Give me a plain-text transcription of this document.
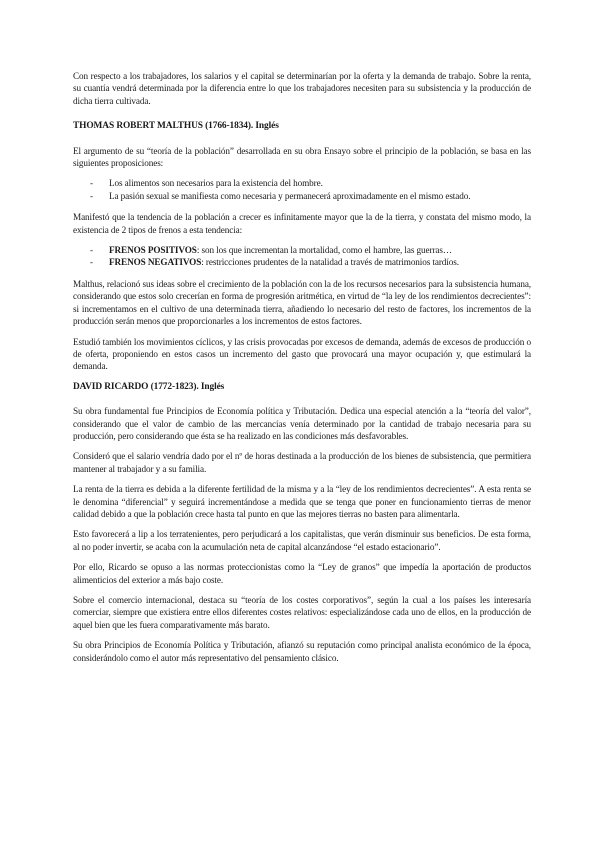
Con respecto a los trabajadores, los salarios y el capital se determinarían por la oferta y la demanda de trabajo. Sobre la renta, su cuantía vendrá determinada por la diferencia entre lo que los trabajadores necesiten para su subsistencia y la producción de dicha tierra cultivada.

THOMAS ROBERT MALTHUS (1766-1834). Inglés

El argumento de su “teoría de la población” desarrollada en su obra Ensayo sobre el principio de la población, se basa en las siguientes proposiciones:

- Los alimentos son necesarios para la existencia del hombre.
- La pasión sexual se manifiesta como necesaria y permanecerá aproximadamente en el mismo estado.

Manifestó que la tendencia de la población a crecer es infinitamente mayor que la de la tierra, y constata del mismo modo, la existencia de 2 tipos de frenos a esta tendencia:

- FRENOS POSITIVOS: son los que incrementan la mortalidad, como el hambre, las guerras…
- FRENOS NEGATIVOS: restricciones prudentes de la natalidad a través de matrimonios tardíos.

Malthus, relacionó sus ideas sobre el crecimiento de la población con la de los recursos necesarios para la subsistencia humana, considerando que estos solo crecerían en forma de progresión aritmética, en virtud de “la ley de los rendimientos decrecientes”: si incrementamos en el cultivo de una determinada tierra, añadiendo lo necesario del resto de factores, los incrementos de la producción serán menos que proporcionarles a los incrementos de estos factores.

Estudió también los movimientos cíclicos, y las crisis provocadas por excesos de demanda, además de excesos de producción o de oferta, proponiendo en estos casos un incremento del gasto que provocará una mayor ocupación y, que estimulará la demanda.

DAVID RICARDO (1772-1823). Inglés

Su obra fundamental fue Principios de Economía política y Tributación. Dedica una especial atención a la “teoría del valor”, considerando que el valor de cambio de las mercancías venía determinado por la cantidad de trabajo necesaria para su producción, pero considerando que ésta se ha realizado en las condiciones más desfavorables.

Consideró que el salario vendría dado por el nº de horas destinada a la producción de los bienes de subsistencia, que permitiera mantener al trabajador y a su familia.

La renta de la tierra es debida a la diferente fertilidad de la misma y a la “ley de los rendimientos decrecientes”. A esta renta se le denomina “diferencial” y seguirá incrementándose a medida que se tenga que poner en funcionamiento tierras de menor calidad debido a que la población crece hasta tal punto en que las mejores tierras no basten para alimentarla.

Esto favorecerá a lip a los terratenientes, pero perjudicará a los capitalistas, que verán disminuir sus beneficios. De esta forma, al no poder invertir, se acaba con la acumulación neta de capital alcanzándose “el estado estacionario”.

Por ello, Ricardo se opuso a las normas proteccionistas como la “Ley de granos” que impedía la aportación de productos alimenticios del exterior a más bajo coste.

Sobre el comercio internacional, destaca su “teoría de los costes corporativos”, según la cual a los países les interesaría comerciar, siempre que existiera entre ellos diferentes costes relativos: especializándose cada uno de ellos, en la producción de aquel bien que les fuera comparativamente más barato.

Su obra Principios de Economía Política y Tributación, afianzó su reputación como principal analista económico de la época, considerándolo como el autor más representativo del pensamiento clásico.
